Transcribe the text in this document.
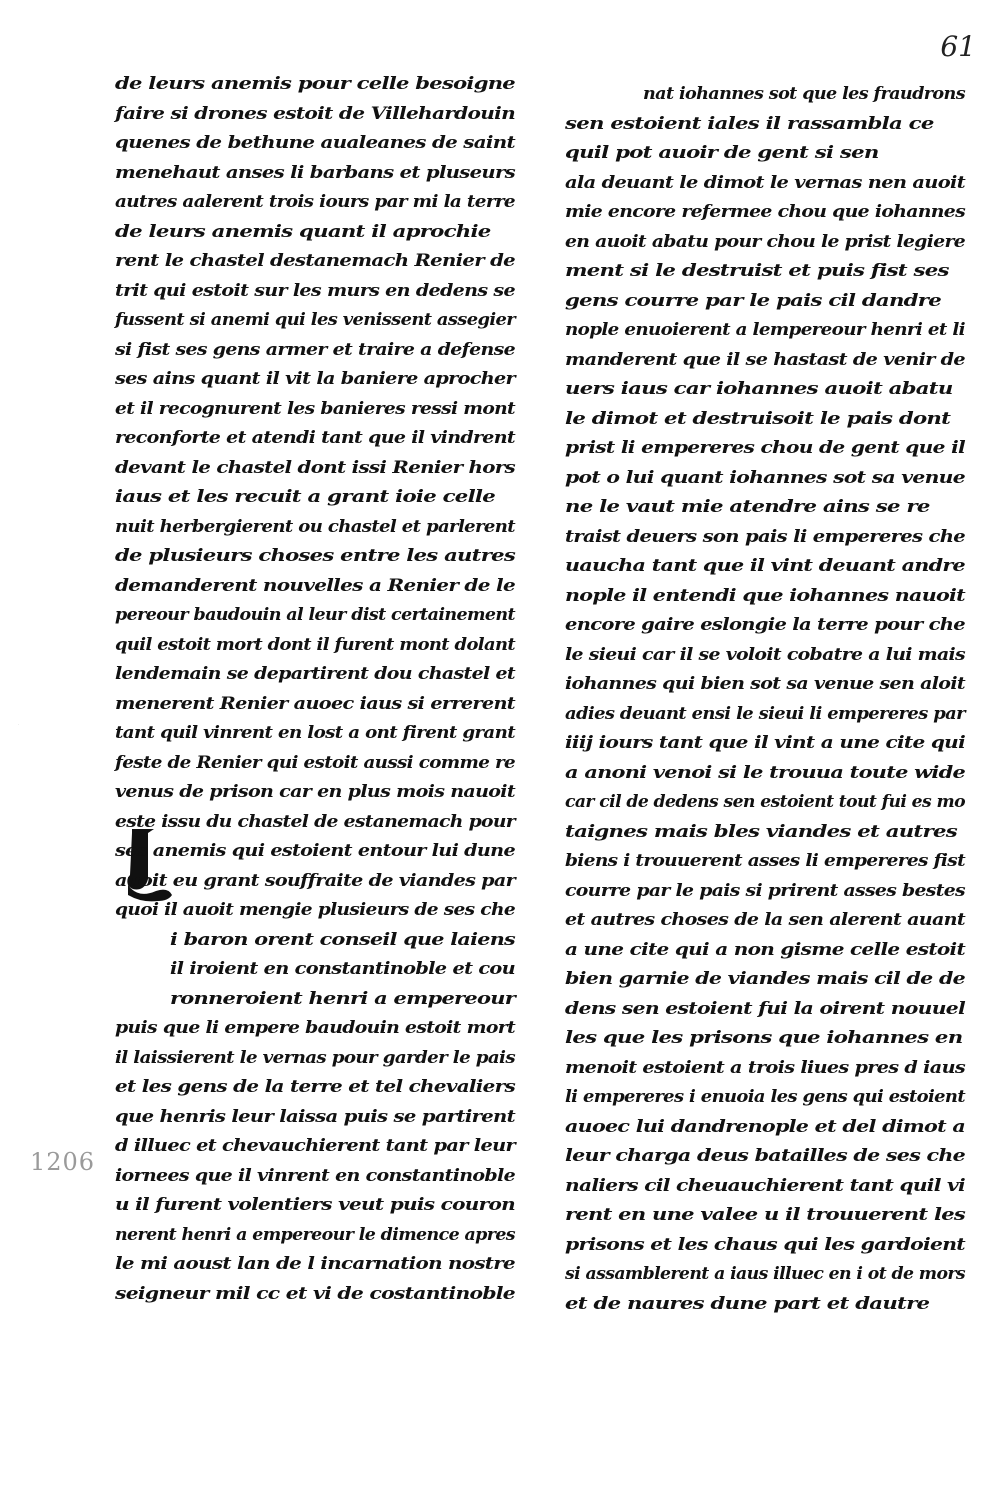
61
1206
L
de leurs anemis pour celle besoigne
faire si drones estoit de Villehardouin
quenes de bethune aualeanes de saint
menehaut anses li barbans et pluseurs
autres aalerent trois iours par mi la terre
de leurs anemis quant il aprochie
rent le chastel destanemach Renier de
trit qui estoit sur les murs en dedens se
fussent si anemi qui les venissent assegier
si fist ses gens armer et traire a defense
ses ains quant il vit la baniere aprocher
et il recognurent les banieres ressi mont
reconforte et atendi tant que il vindrent
devant le chastel dont issi Renier hors
iaus et les recuit a grant ioie celle
nuit herbergierent ou chastel et parlerent
de plusieurs choses entre les autres
demanderent nouvelles a Renier de le
pereour baudouin al leur dist certainement
quil estoit mort dont il furent mont dolant
lendemain se departirent dou chastel et
menerent Renier auoec iaus si errerent
tant quil vinrent en lost a ont firent grant
feste de Renier qui estoit aussi comme re
venus de prison car en plus mois nauoit
este issu du chastel de estanemach pour
ses anemis qui estoient entour lui dune
auoit eu grant souffraite de viandes par
quoi il auoit mengie plusieurs de ses che
i baron orent conseil que laiens
il iroient en constantinoble et cou
ronneroient henri a empereour
puis que li empere baudouin estoit mort
il laissierent le vernas pour garder le pais
et les gens de la terre et tel chevaliers
que henris leur laissa puis se partirent
d illuec et chevauchierent tant par leur
iornees que il vinrent en constantinoble
u il furent volentiers veut puis couron
nerent henri a empereour le dimence apres
le mi aoust lan de l incarnation nostre
seigneur mil cc et vi de costantinoble
nat iohannes sot que les fraudrons
sen estoient iales il rassambla ce
quil pot auoir de gent si sen
ala deuant le dimot le vernas nen auoit
mie encore refermee chou que iohannes
en auoit abatu pour chou le prist legiere
ment si le destruist et puis fist ses
gens courre par le pais cil dandre
nople enuoierent a lempereour henri et li
manderent que il se hastast de venir de
uers iaus car iohannes auoit abatu
le dimot et destruisoit le pais dont
prist li empereres chou de gent que il
pot o lui quant iohannes sot sa venue
ne le vaut mie atendre ains se re
traist deuers son pais li empereres che
uaucha tant que il vint deuant andre
nople il entendi que iohannes nauoit
encore gaire eslongie la terre pour che
le sieui car il se voloit cobatre a lui mais
iohannes qui bien sot sa venue sen aloit
adies deuant ensi le sieui li empereres par
iiij iours tant que il vint a une cite qui
a anoni venoi si le trouua toute wide
car cil de dedens sen estoient tout fui es mo
taignes mais bles viandes et autres
biens i trouuerent asses li empereres fist
courre par le pais si prirent asses bestes
et autres choses de la sen alerent auant
a une cite qui a non gisme celle estoit
bien garnie de viandes mais cil de de
dens sen estoient fui la oirent nouuel
les que les prisons que iohannes en
menoit estoient a trois liues pres d iaus
li empereres i enuoia les gens qui estoient
auoec lui dandrenople et del dimot a
leur charga deus batailles de ses che
naliers cil cheuauchierent tant quil vi
rent en une valee u il trouuerent les
prisons et les chaus qui les gardoient
si assamblerent a iaus illuec en i ot de mors
et de naures dune part et dautre
